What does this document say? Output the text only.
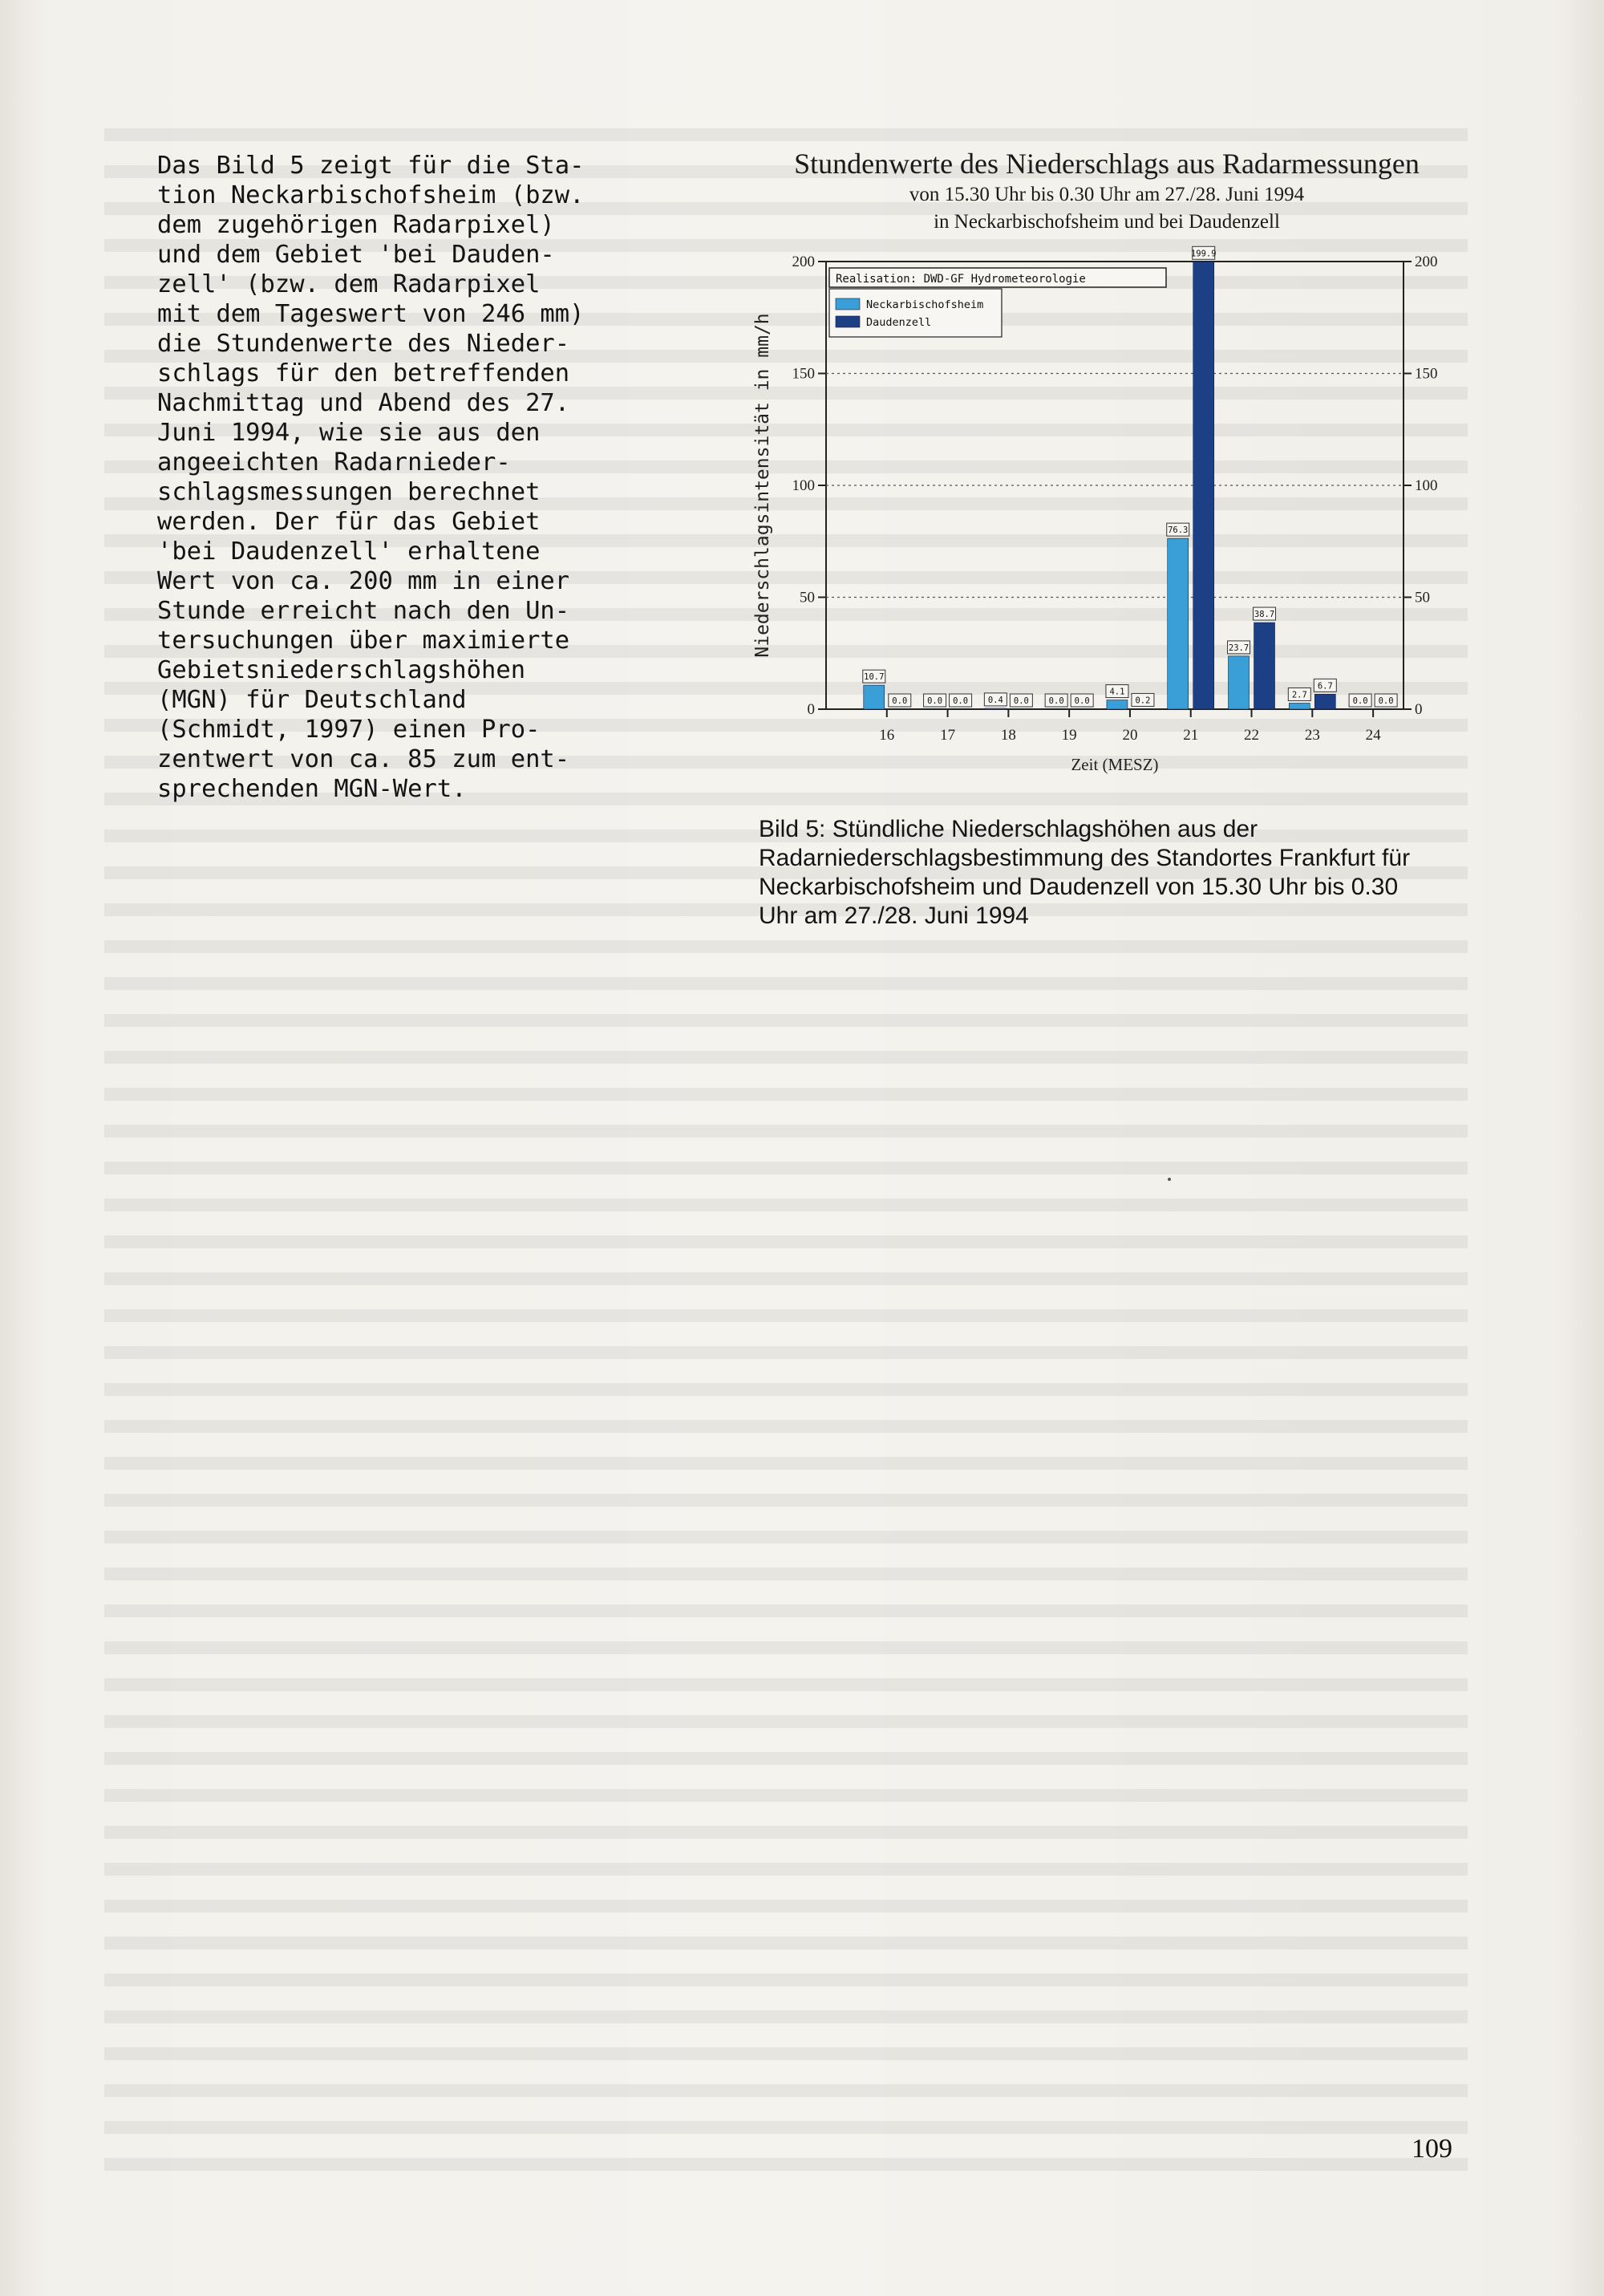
Das Bild 5 zeigt für die Sta-
tion Neckarbischofsheim (bzw.
dem zugehörigen Radarpixel)
und dem Gebiet 'bei Dauden-
zell' (bzw. dem Radarpixel
mit dem Tageswert von 246 mm)
die Stundenwerte des Nieder-
schlags für den betreffenden
Nachmittag und Abend des 27.
Juni 1994, wie sie aus den
angeeichten Radarnieder-
schlagsmessungen berechnet
werden. Der für das Gebiet
'bei Daudenzell' erhaltene
Wert von ca. 200 mm in einer
Stunde erreicht nach den Un-
tersuchungen über maximierte
Gebietsniederschlagshöhen
(MGN) für Deutschland
(Schmidt, 1997) einen Pro-
zentwert von ca. 85 zum ent-
sprechenden MGN-Wert.

Stundenwerte des Niederschlags aus Radarmessungen
von 15.30 Uhr bis 0.30 Uhr am 27./28. Juni 1994
in Neckarbischofsheim und bei Daudenzell
0	0
50	50
100	100
150	150
200	200
Niederschlagsintensität in mm/h
16
10.7
0.0
17
0.0 0.0
18
0.4 0.0
19
0.0 0.0
20
4.1
0.2
21
76.3
199.9
22
23.7
38.7
23
2.7
6.7
24
0.0 0.0
Zeit (MESZ)
Realisation: DWD-GF Hydrometeorologie
Neckarbischofsheim
Daudenzell

Bild 5: Stündliche Niederschlagshöhen aus der Radarniederschlagsbestimmung des Standortes Frankfurt für Neckarbischofsheim und Daudenzell von 15.30 Uhr bis 0.30 Uhr am 27./28. Juni 1994

109
